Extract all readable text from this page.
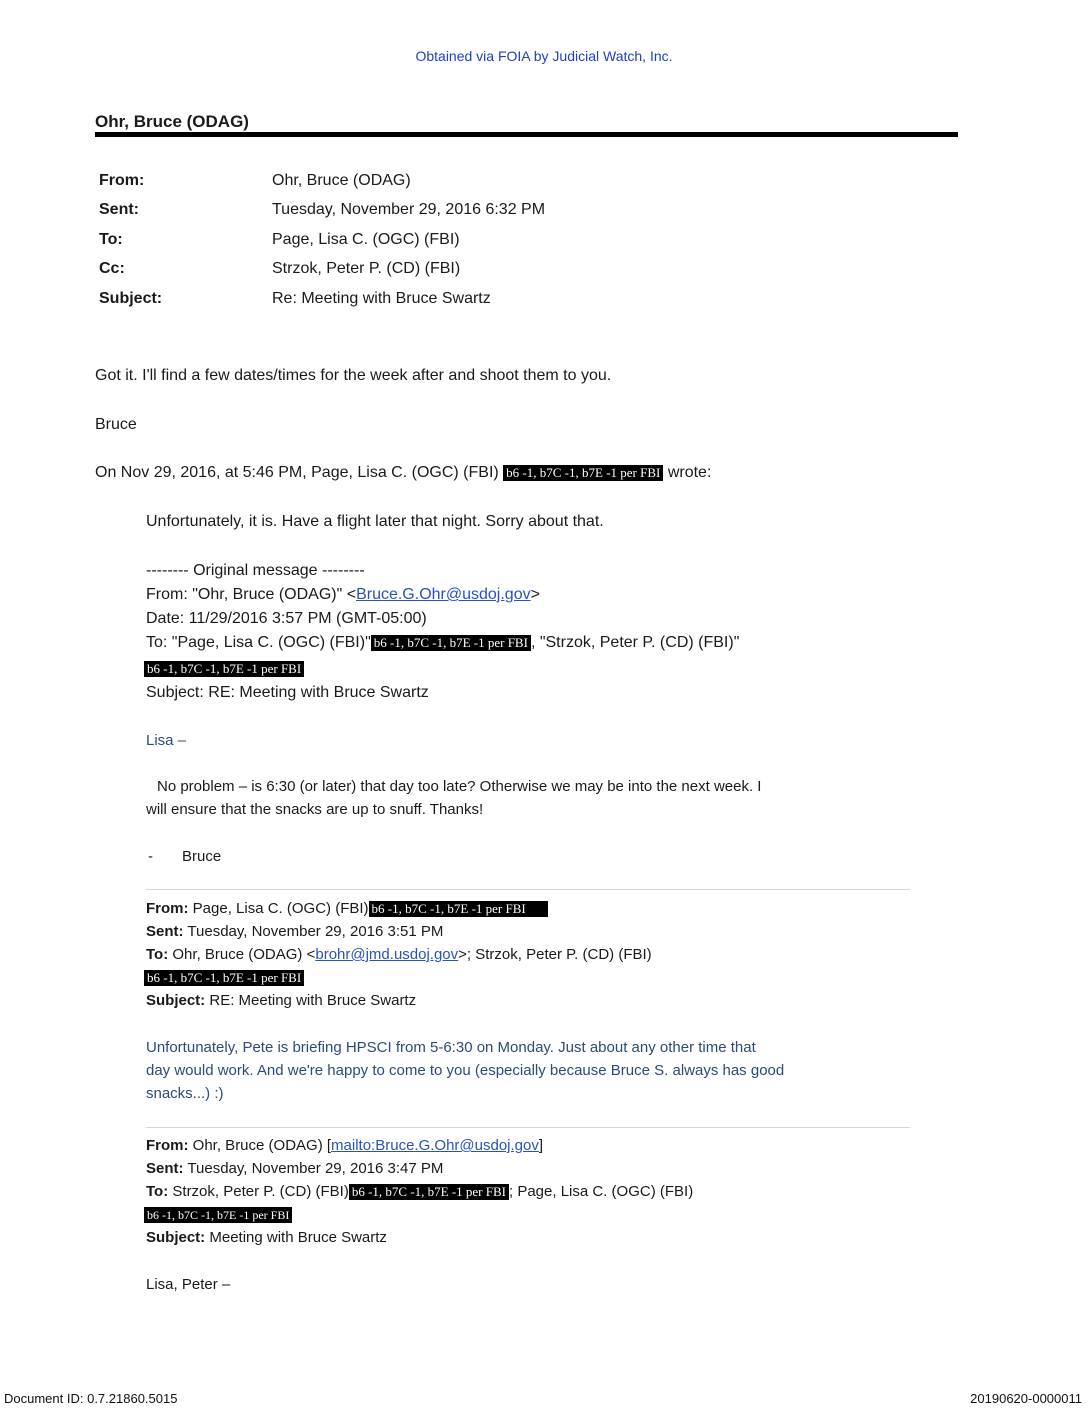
Obtained via FOIA by Judicial Watch, Inc.
Ohr, Bruce (ODAG)
From:	Ohr, Bruce (ODAG)
Sent:	Tuesday, November 29, 2016 6:32 PM
To:	Page, Lisa C. (OGC) (FBI)
Cc:	Strzok, Peter P. (CD) (FBI)
Subject:	Re: Meeting with Bruce Swartz
Got it. I'll find a few dates/times for the week after and shoot them to you.
Bruce
On Nov 29, 2016, at 5:46 PM, Page, Lisa C. (OGC) (FBI) b6 -1, b7C -1, b7E -1 per FBI wrote:
Unfortunately, it is. Have a flight later that night. Sorry about that.
-------- Original message --------
From: "Ohr, Bruce (ODAG)" <Bruce.G.Ohr@usdoj.gov>
Date: 11/29/2016 3:57 PM (GMT-05:00)
To: "Page, Lisa C. (OGC) (FBI)" b6 -1, b7C -1, b7E -1 per FBI , "Strzok, Peter P. (CD) (FBI)"
b6 -1, b7C -1, b7E -1 per FBI
Subject: RE: Meeting with Bruce Swartz
Lisa –
No problem – is 6:30 (or later) that day too late? Otherwise we may be into the next week. I
will ensure that the snacks are up to snuff. Thanks!
- Bruce
From: Page, Lisa C. (OGC) (FBI) b6 -1, b7C -1, b7E -1 per FBI
Sent: Tuesday, November 29, 2016 3:51 PM
To: Ohr, Bruce (ODAG) <brohr@jmd.usdoj.gov>; Strzok, Peter P. (CD) (FBI)
b6 -1, b7C -1, b7E -1 per FBI
Subject: RE: Meeting with Bruce Swartz
Unfortunately, Pete is briefing HPSCI from 5-6:30 on Monday. Just about any other time that
day would work. And we're happy to come to you (especially because Bruce S. always has good
snacks...) :)
From: Ohr, Bruce (ODAG) [mailto:Bruce.G.Ohr@usdoj.gov]
Sent: Tuesday, November 29, 2016 3:47 PM
To: Strzok, Peter P. (CD) (FBI) b6 -1, b7C -1, b7E -1 per FBI ; Page, Lisa C. (OGC) (FBI)
b6 -1, b7C -1, b7E -1 per FBI
Subject: Meeting with Bruce Swartz
Lisa, Peter –
Document ID: 0.7.21860.5015	20190620-0000011
